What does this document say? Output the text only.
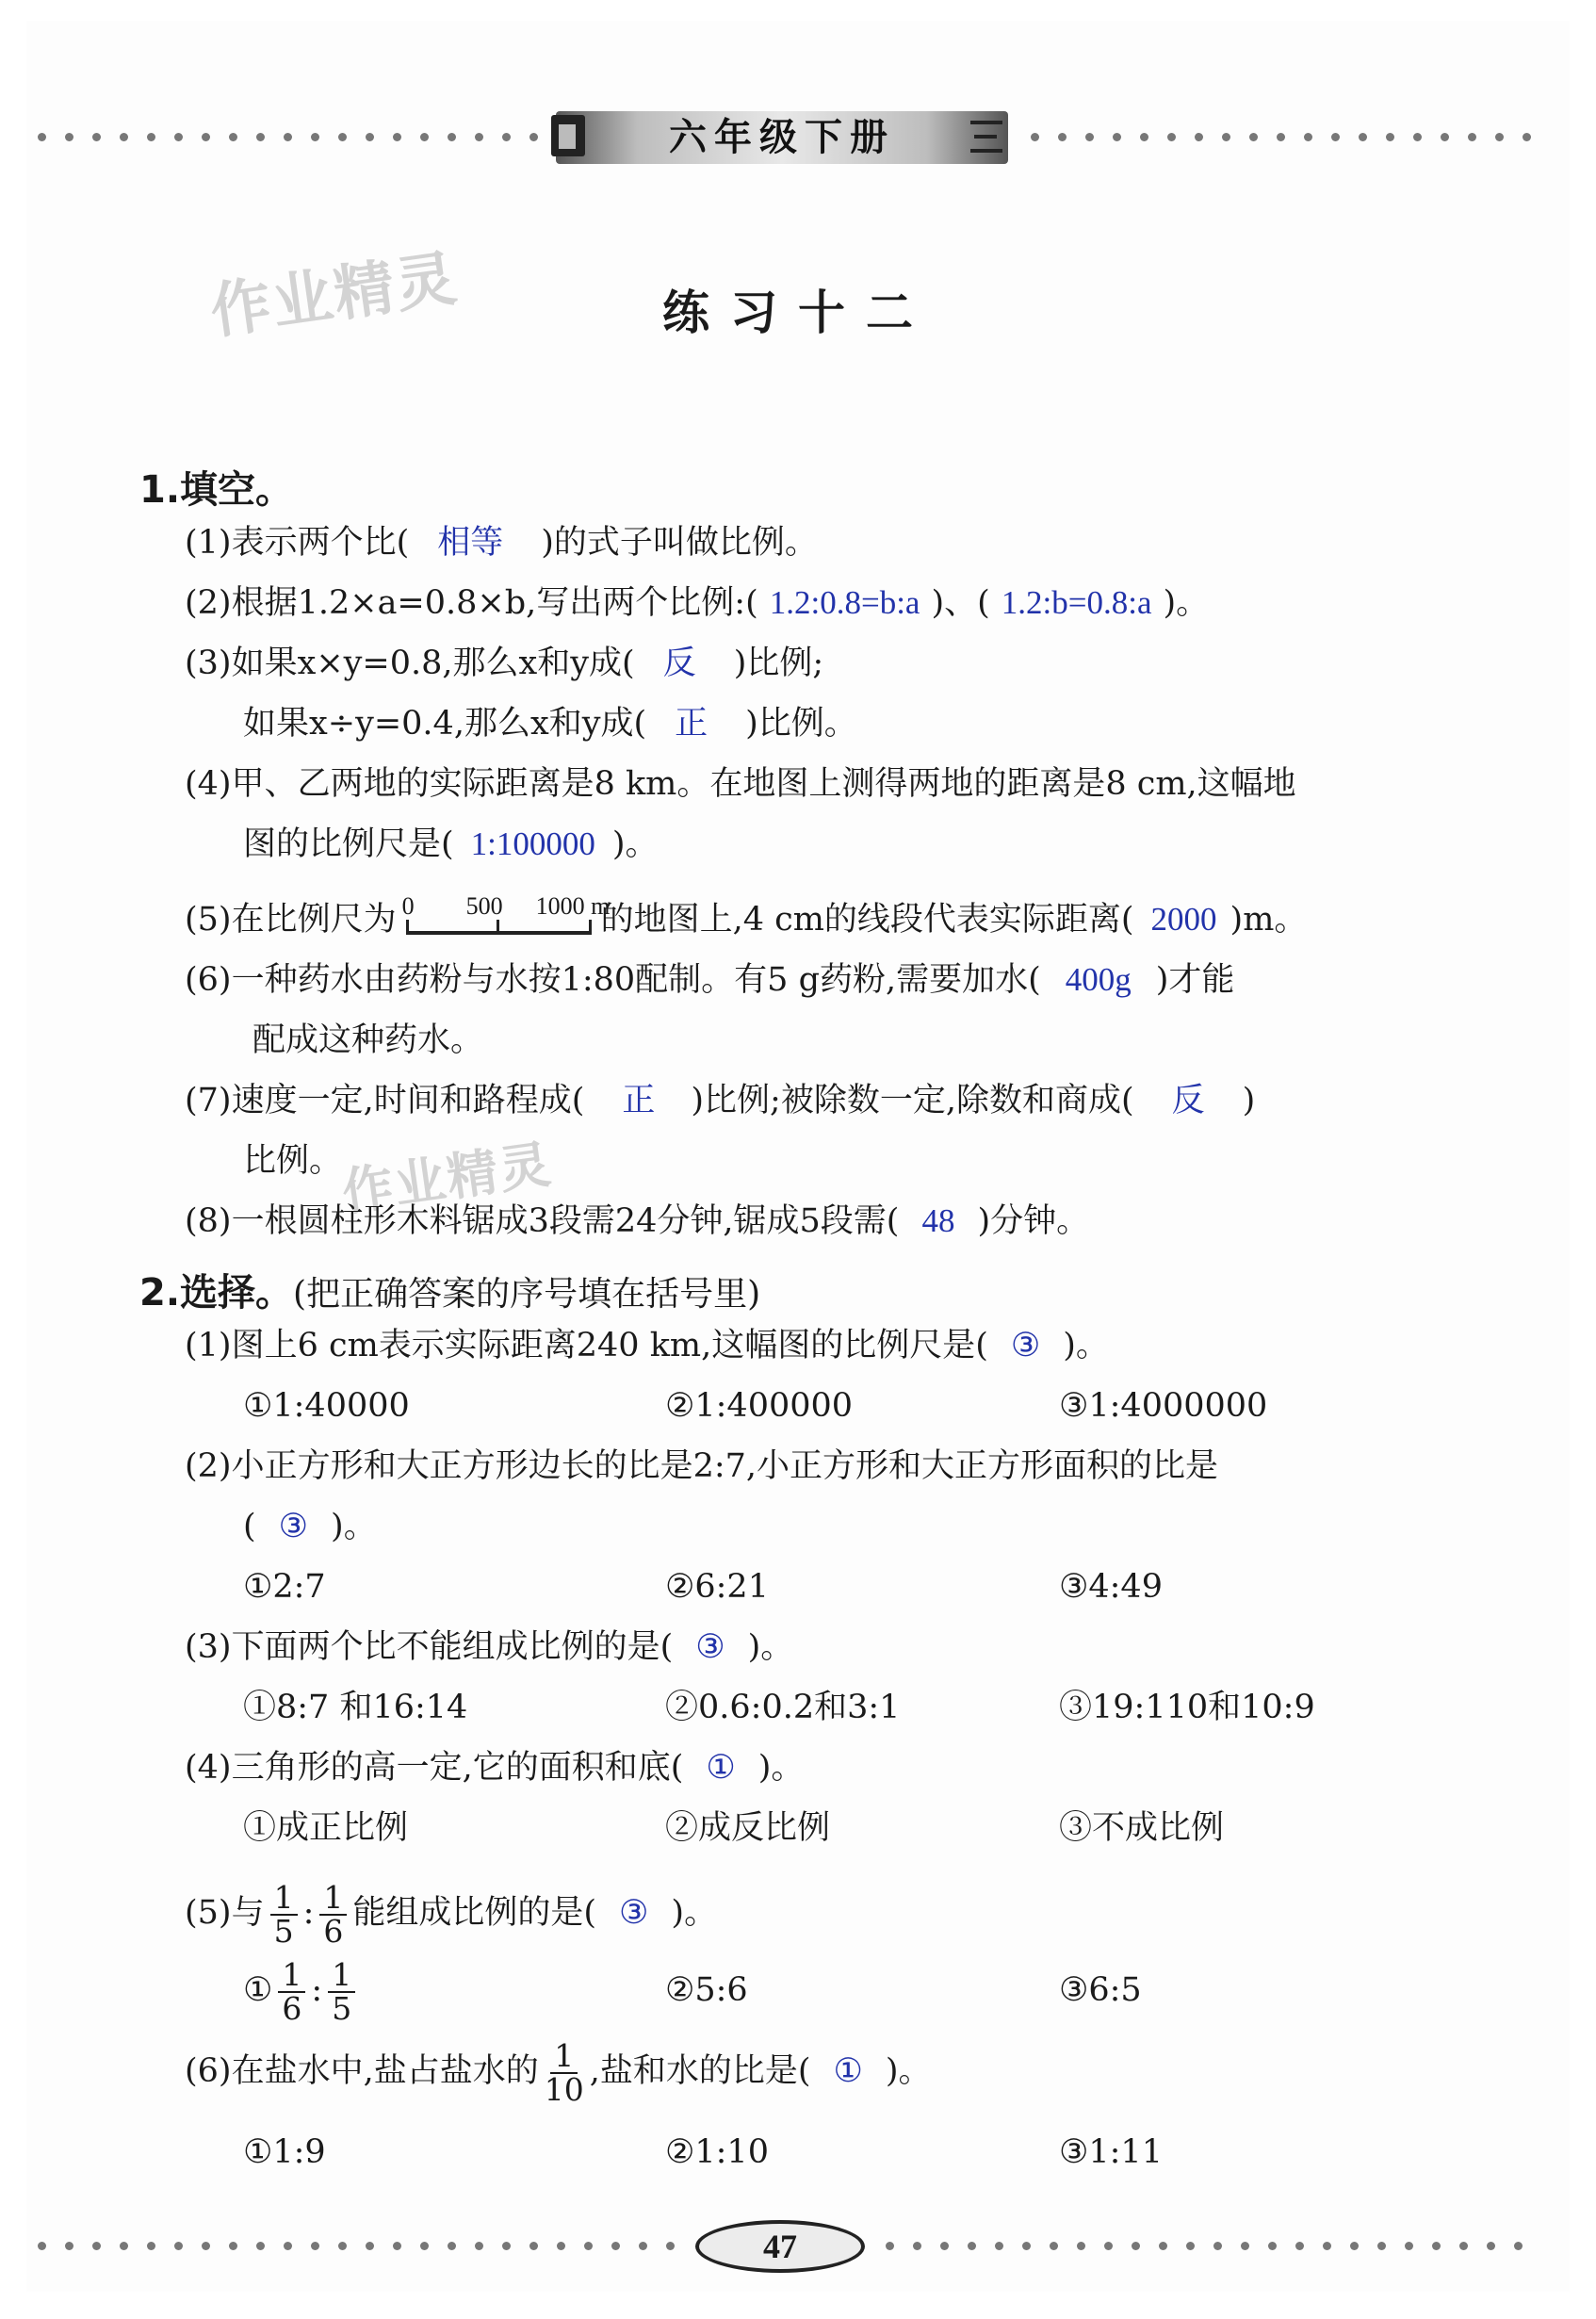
六年级下册
作业精灵
作业精灵
练习十二
1.填空。
(1)表示两个比( 相等 )的式子叫做比例。
(2)根据1.2×a=0.8×b,写出两个比例:( 1.2:0.8=b:a )、( 1.2:b=0.8:a )。
(3)如果x×y=0.8,那么x和y成( 反 )比例;
如果x÷y=0.4,那么x和y成( 正 )比例。
(4)甲、乙两地的实际距离是8 km。在地图上测得两地的距离是8 cm,这幅地
图的比例尺是( 1:100000 )。
(5)在比例尺为 0 500 1000 m
的地图上,4 cm的线段代表实际距离( 2000 )m。
(6)一种药水由药粉与水按1:80配制。有5 g药粉,需要加水( 400g )才能
配成这种药水。
(7)速度一定,时间和路程成( 正 )比例;被除数一定,除数和商成( 反 )
比例。
(8)一根圆柱形木料锯成3段需24分钟,锯成5段需( 48 )分钟。
2.选择。(把正确答案的序号填在括号里)
(1)图上6 cm表示实际距离240 km,这幅图的比例尺是( ③ )。
①1:40000	②1:400000	③1:4000000
(2)小正方形和大正方形边长的比是2:7,小正方形和大正方形面积的比是
( ③ )。
①2:7	②6:21	③4:49
(3)下面两个比不能组成比例的是( ③ )。
①8:7 和16:14	②0.6:0.2和3:1	③19:110和10:9
(4)三角形的高一定,它的面积和底( ① )。
①成正比例	②成反比例	③不成比例
(5)与 $\frac{1}{5}$ : $\frac{1}{6}$ 能组成比例的是( ③ )。
① $\frac{1}{6}$ : $\frac{1}{5}$	②5:6	③6:5
(6)在盐水中,盐占盐水的 $\frac{1}{10}$ ,盐和水的比是( ① )。
①1:9	②1:10	③1:11
47
